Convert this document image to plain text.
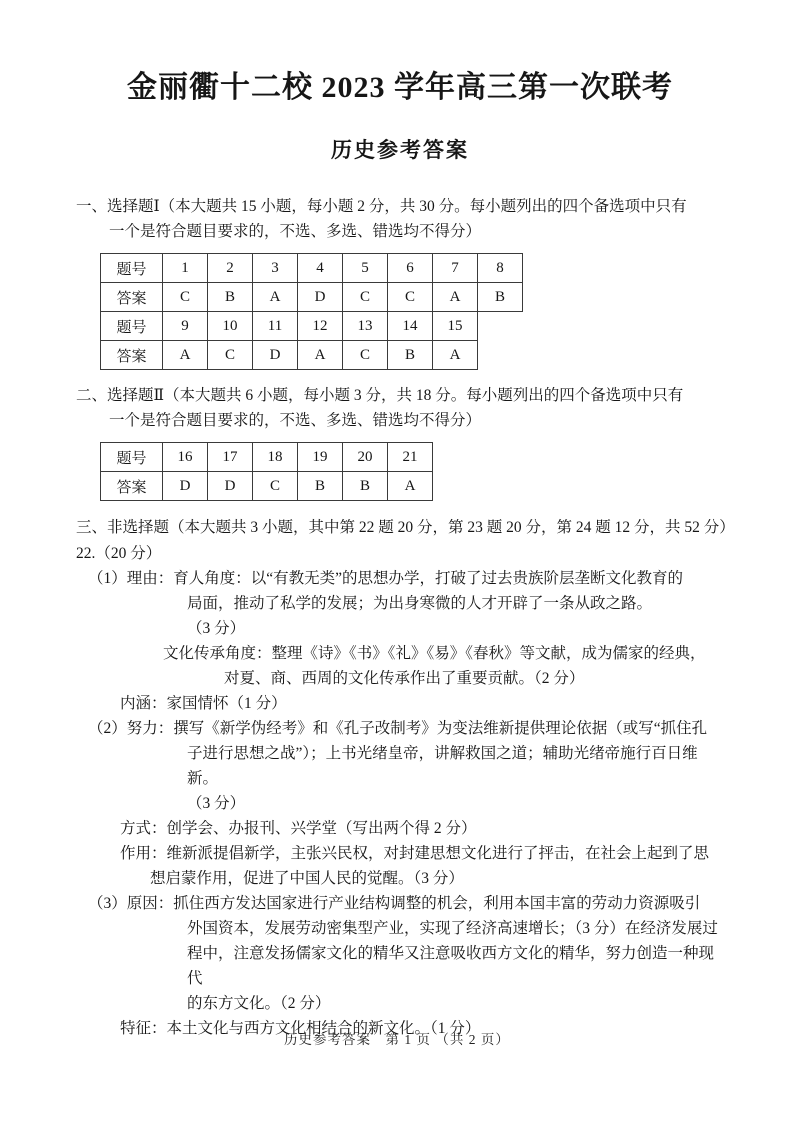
金丽衢十二校 2023 学年高三第一次联考
历史参考答案
一、选择题Ⅰ（本大题共 15 小题，每小题 2 分，共 30 分。每小题列出的四个备选项中只有
一个是符合题目要求的，不选、多选、错选均不得分）
题号	1	2	3	4	5	6	7	8
答案	C	B	A	D	C	C	A	B
题号	9	10	11	12	13	14	15	
答案	A	C	D	A	C	B	A	
二、选择题Ⅱ（本大题共 6 小题，每小题 3 分，共 18 分。每小题列出的四个备选项中只有
一个是符合题目要求的，不选、多选、错选均不得分）
题号	16	17	18	19	20	21
答案	D	D	C	B	B	A
三、非选择题（本大题共 3 小题，其中第 22 题 20 分，第 23 题 20 分，第 24 题 12 分，共 52 分）
22.（20 分）
（1）理由：育人角度：以“有教无类”的思想办学，打破了过去贵族阶层垄断文化教育的
局面，推动了私学的发展；为出身寒微的人才开辟了一条从政之路。
（3 分）
文化传承角度：整理《诗》《书》《礼》《易》《春秋》等文献，成为儒家的经典，
对夏、商、西周的文化传承作出了重要贡献。（2 分）
内涵：家国情怀（1 分）
（2）努力：撰写《新学伪经考》和《孔子改制考》为变法维新提供理论依据（或写“抓住孔
子进行思想之战”）；上书光绪皇帝，讲解救国之道；辅助光绪帝施行百日维新。
（3 分）
方式：创学会、办报刊、兴学堂（写出两个得 2 分）
作用：维新派提倡新学，主张兴民权，对封建思想文化进行了抨击，在社会上起到了思
想启蒙作用，促进了中国人民的觉醒。（3 分）
（3）原因：抓住西方发达国家进行产业结构调整的机会，利用本国丰富的劳动力资源吸引
外国资本，发展劳动密集型产业，实现了经济高速增长；（3 分）在经济发展过
程中，注意发扬儒家文化的精华又注意吸收西方文化的精华，努力创造一种现代
的东方文化。（2 分）
特征：本土文化与西方文化相结合的新文化。（1 分）
历史参考答案　第 1 页 （共 2 页）
